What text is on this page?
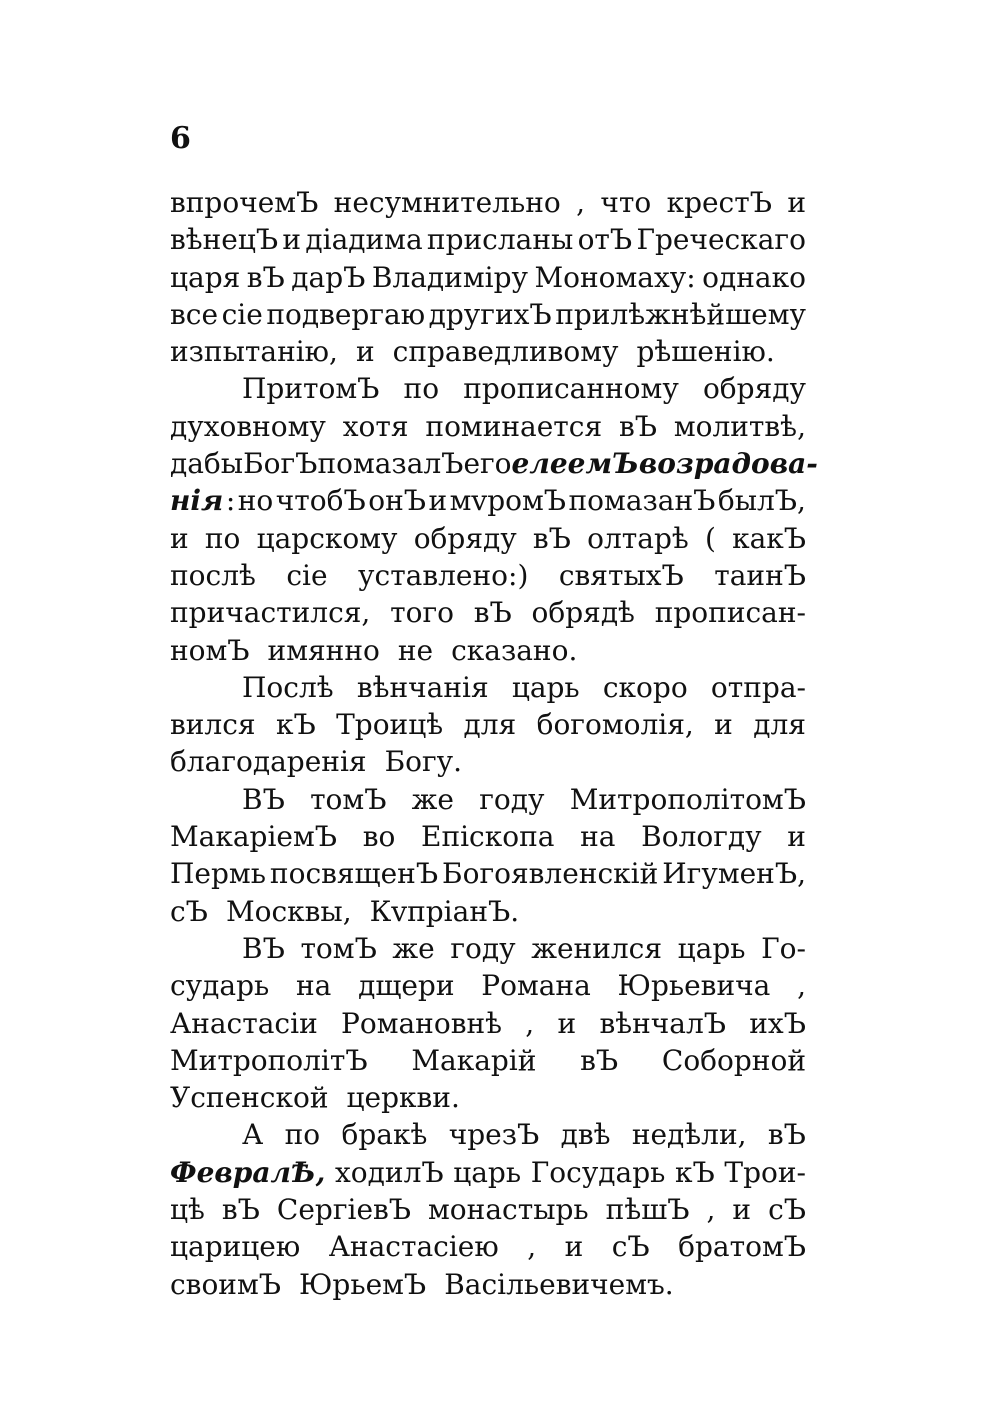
6
впрочемЪ несумнительно , что крестЪ и
вѣнецЪ и діадима присланы отЪ Греческаго
царя вЪ дарЪ Владиміру Мономаху: однако
все сіе подвергаю другихЪ прилѣжнѣйшему
изпытанію, и справедливому рѣшенію.
ПритомЪ по прописанному обряду
духовному хотя поминается вЪ молитвѣ,
дабы БогЪ помазалЪ его елеемЪ возрадова-
нія : но чтобЪ онЪ и мvромЪ помазанЪ былЪ,
и по царскому обряду вЪ олтарѣ ( какЪ
послѣ сіе уставлено:) святыхЪ таинЪ
причастился, того вЪ обрядѣ прописан-
номЪ имянно не сказано.
Послѣ вѣнчанія царь скоро отпра-
вился кЪ Троицѣ для богомолія, и для
благодаренія Богу.
ВЪ томЪ же году МитрополітомЪ
МакаріемЪ во Епіскопа на Вологду и
Пермь посвященЪ Богоявленскій ИгуменЪ,
сЪ Москвы, КvпріанЪ.
ВЪ томЪ же году женился царь Го-
сударь на дщери Романа Юрьевича ,
Анастасіи Романовнѣ , и вѣнчалЪ ихЪ
МитрополітЪ Макарій вЪ Соборной
Успенской церкви.
А по бракѣ чрезЪ двѣ недѣли, вЪ
ФевралѢ, ходилЪ царь Государь кЪ Трои-
цѣ вЪ СергіевЪ монастырь пѣшЪ , и сЪ
царицею Анастасіею , и сЪ братомЪ
своимЪ ЮрьемЪ Васільевичемъ.
